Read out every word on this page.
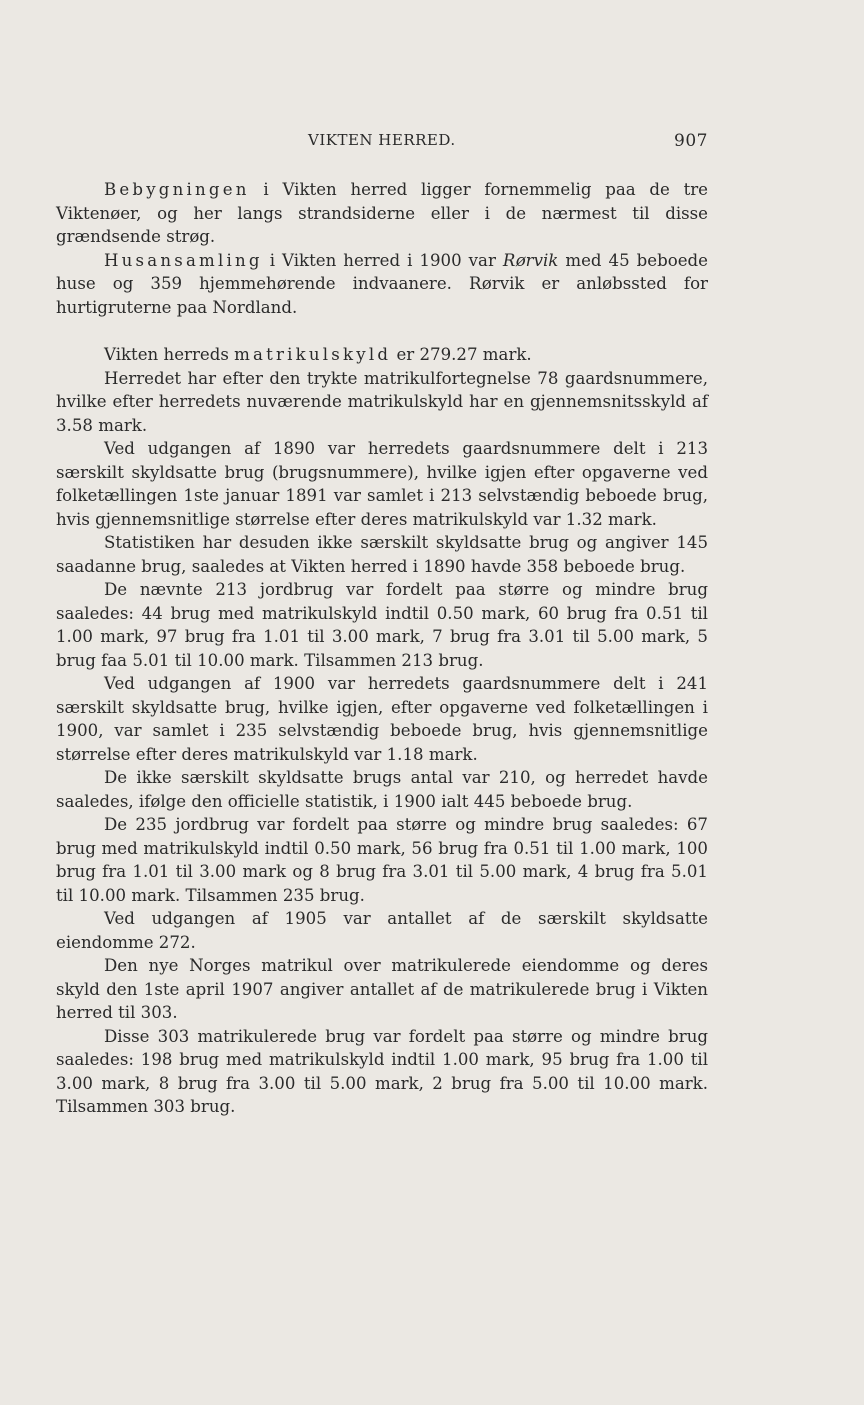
VIKTEN HERRED.	907

Bebygningen i Vikten herred ligger fornemmelig paa de tre Viktenøer, og her langs strandsiderne eller i de nærmest til disse grændsende strøg.

Husansamling i Vikten herred i 1900 var Rørvik med 45 beboede huse og 359 hjemmehørende indvaanere. Rørvik er anløbssted for hurtigruterne paa Nordland.

Vikten herreds matrikulskyld er 279.27 mark.

Herredet har efter den trykte matrikulfortegnelse 78 gaardsnummere, hvilke efter herredets nuværende matrikulskyld har en gjennemsnitsskyld af 3.58 mark.

Ved udgangen af 1890 var herredets gaardsnummere delt i 213 særskilt skyldsatte brug (brugsnummere), hvilke igjen efter opgaverne ved folketællingen 1ste januar 1891 var samlet i 213 selvstændig beboede brug, hvis gjennemsnitlige størrelse efter deres matrikulskyld var 1.32 mark.

Statistiken har desuden ikke særskilt skyldsatte brug og angiver 145 saadanne brug, saaledes at Vikten herred i 1890 havde 358 beboede brug.

De nævnte 213 jordbrug var fordelt paa større og mindre brug saaledes: 44 brug med matrikulskyld indtil 0.50 mark, 60 brug fra 0.51 til 1.00 mark, 97 brug fra 1.01 til 3.00 mark, 7 brug fra 3.01 til 5.00 mark, 5 brug faa 5.01 til 10.00 mark. Tilsammen 213 brug.

Ved udgangen af 1900 var herredets gaardsnummere delt i 241 særskilt skyldsatte brug, hvilke igjen, efter opgaverne ved folketællingen i 1900, var samlet i 235 selvstændig beboede brug, hvis gjennemsnitlige størrelse efter deres matrikulskyld var 1.18 mark.

De ikke særskilt skyldsatte brugs antal var 210, og herredet havde saaledes, ifølge den officielle statistik, i 1900 ialt 445 beboede brug.

De 235 jordbrug var fordelt paa større og mindre brug saaledes: 67 brug med matrikulskyld indtil 0.50 mark, 56 brug fra 0.51 til 1.00 mark, 100 brug fra 1.01 til 3.00 mark og 8 brug fra 3.01 til 5.00 mark, 4 brug fra 5.01 til 10.00 mark. Tilsammen 235 brug.

Ved udgangen af 1905 var antallet af de særskilt skyldsatte eiendomme 272.

Den nye Norges matrikul over matrikulerede eiendomme og deres skyld den 1ste april 1907 angiver antallet af de matrikulerede brug i Vikten herred til 303.

Disse 303 matrikulerede brug var fordelt paa større og mindre brug saaledes: 198 brug med matrikulskyld indtil 1.00 mark, 95 brug fra 1.00 til 3.00 mark, 8 brug fra 3.00 til 5.00 mark, 2 brug fra 5.00 til 10.00 mark. Tilsammen 303 brug.
